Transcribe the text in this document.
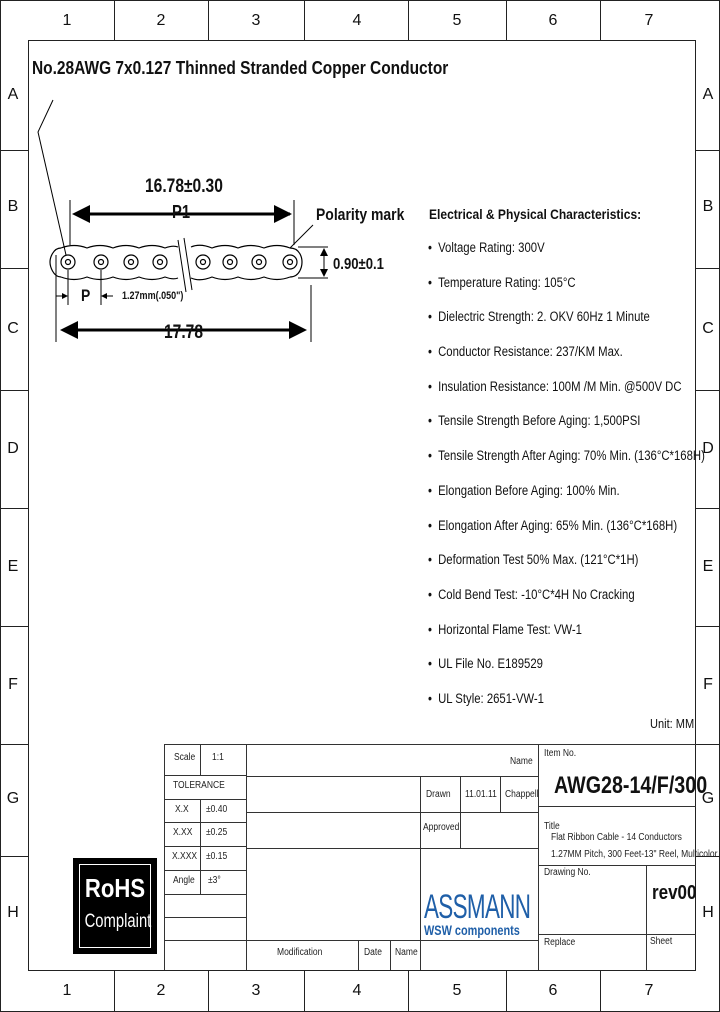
1	2	3	4	5	6	7
1	2	3	4	5	6	7
A
B
C
D
E
F
G
H
A
B
C
D
E
F
G
H
No.28AWG 7x0.127 Thinned Stranded Copper Conductor
16.78±0.30
P1	Polarity mark
0.90±0.1
P	1.27mm(.050")
17.78
Electrical & Physical Characteristics:
• Voltage Rating: 300V
• Temperature Rating: 105°C
• Dielectric Strength: 2. OKV 60Hz 1 Minute
• Conductor Resistance: 237/KM Max.
• Insulation Resistance: 100M /M Min. @500V DC
• Tensile Strength Before Aging: 1,500PSI
• Tensile Strength After Aging: 70% Min. (136°C*168H)
• Elongation Before Aging: 100% Min.
• Elongation After Aging: 65% Min. (136°C*168H)
• Deformation Test 50% Max. (121°C*1H)
• Cold Bend Test: -10°C*4H No Cracking
• Horizontal Flame Test: VW-1
• UL File No. E189529
• UL Style: 2651-VW-1
Unit: MM
Scale 1:1
TOLERANCE
X.X ±0.40
X.XX ±0.25
X.XXX ±0.15
Angle ±3°
Modification	Date Name
Name
Drawn 11.01.11 Chappell
Approved
Item No.
AWG28-14/F/300
Title
Flat Ribbon Cable - 14 Conductors
1.27MM Pitch, 300 Feet-13" Reel, Multicolor
Drawing No.
rev00
Replace	Sheet
RoHS
Complaint	ASSMANN
WSW components
